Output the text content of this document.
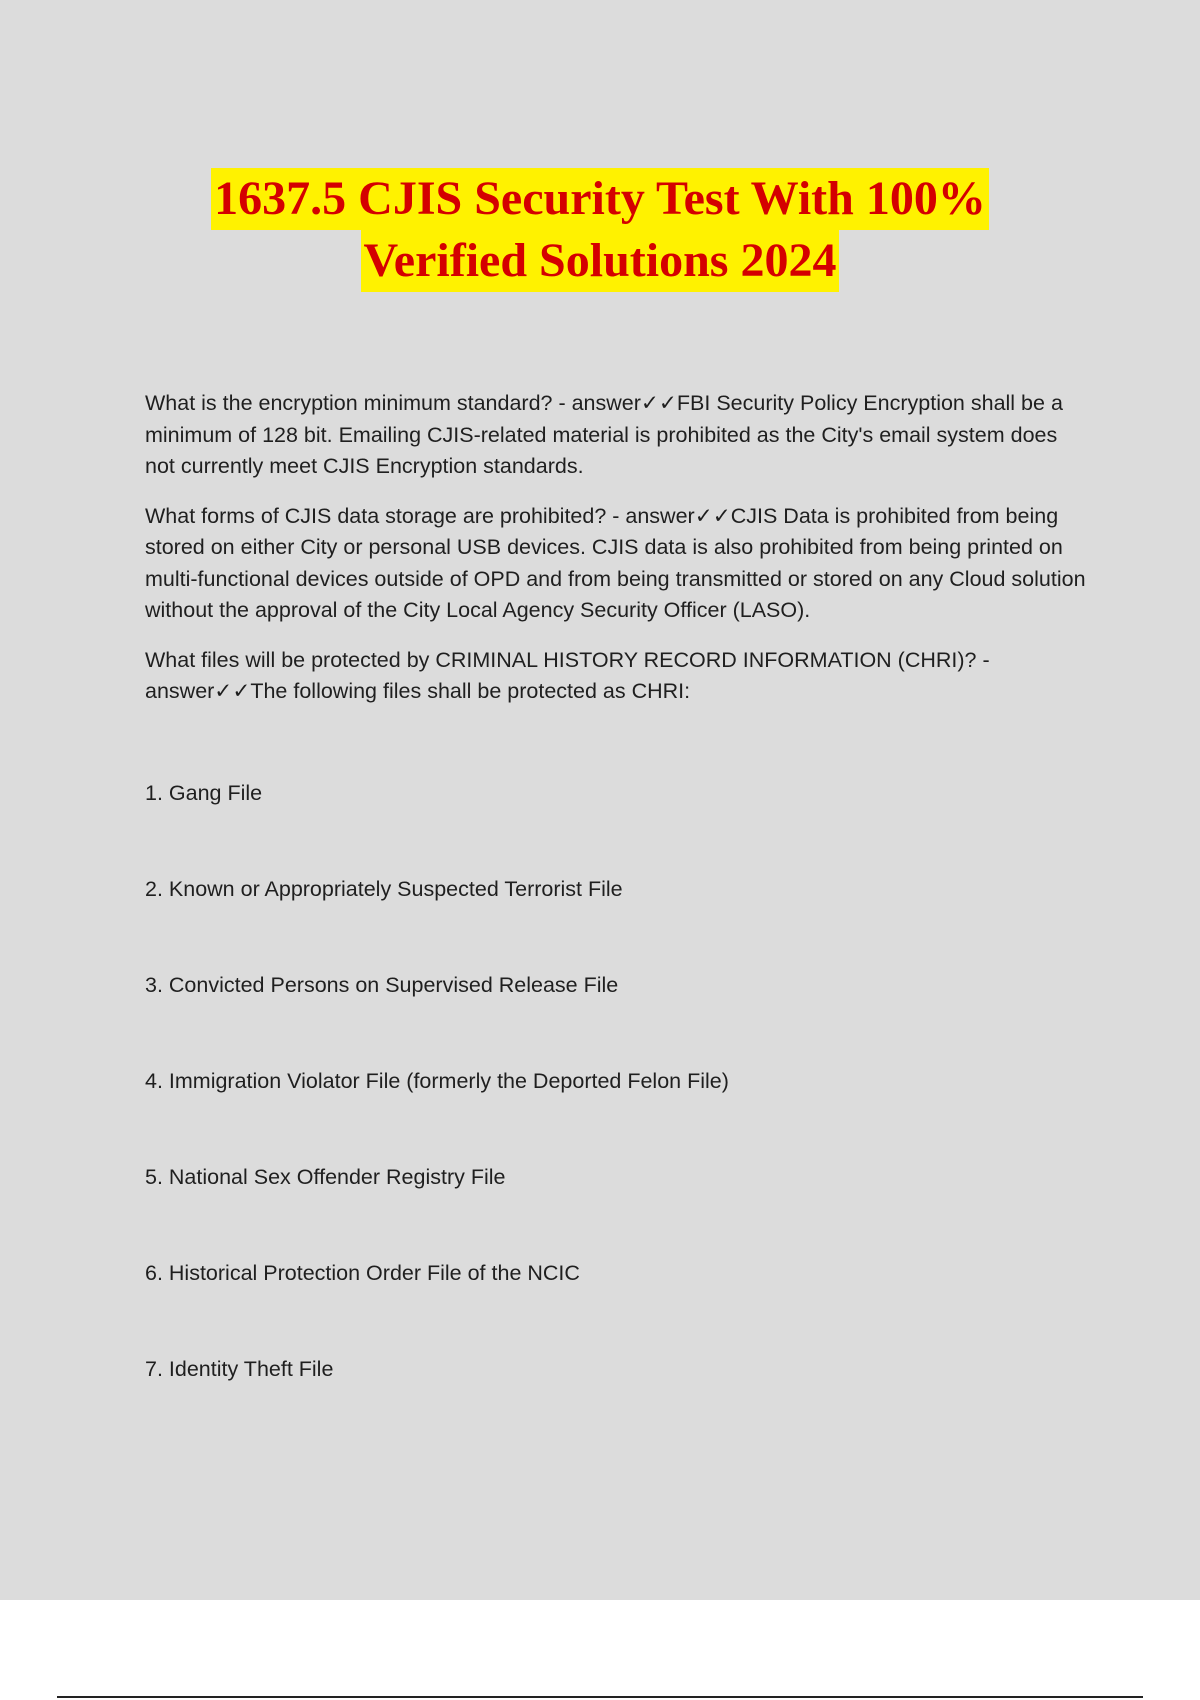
1637.5 CJIS Security Test With 100%
Verified Solutions 2024

What is the encryption minimum standard? - answer✓✓FBI Security Policy Encryption shall be a minimum of 128 bit. Emailing CJIS-related material is prohibited as the City's email system does not currently meet CJIS Encryption standards.

What forms of CJIS data storage are prohibited? - answer✓✓CJIS Data is prohibited from being stored on either City or personal USB devices. CJIS data is also prohibited from being printed on multi-functional devices outside of OPD and from being transmitted or stored on any Cloud solution without the approval of the City Local Agency Security Officer (LASO).

What files will be protected by CRIMINAL HISTORY RECORD INFORMATION (CHRI)? - answer✓✓The following files shall be protected as CHRI:

1. Gang File

2. Known or Appropriately Suspected Terrorist File

3. Convicted Persons on Supervised Release File

4. Immigration Violator File (formerly the Deported Felon File)

5. National Sex Offender Registry File

6. Historical Protection Order File of the NCIC

7. Identity Theft File
